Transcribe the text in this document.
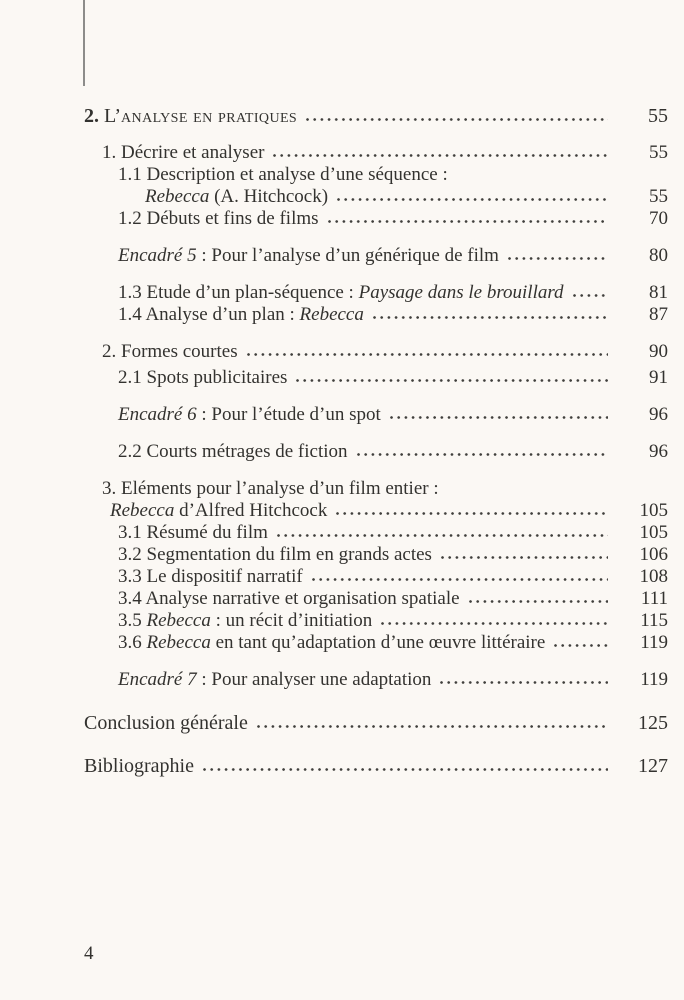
2. L’analyse en pratiques	55
1. Décrire et analyser	55
1.1 Description et analyse d’une séquence :
Rebecca (A. Hitchcock)	55
1.2 Débuts et fins de films	70
Encadré 5 : Pour l’analyse d’un générique de film	80
1.3 Etude d’un plan-séquence : Paysage dans le brouillard	81
1.4 Analyse d’un plan : Rebecca	87
2. Formes courtes	90
2.1 Spots publicitaires	91
Encadré 6 : Pour l’étude d’un spot	96
2.2 Courts métrages de fiction	96
3. Eléments pour l’analyse d’un film entier :
Rebecca d’Alfred Hitchcock	105
3.1 Résumé du film	105
3.2 Segmentation du film en grands actes	106
3.3 Le dispositif narratif	108
3.4 Analyse narrative et organisation spatiale	111
3.5 Rebecca : un récit d’initiation	115
3.6 Rebecca en tant qu’adaptation d’une œuvre littéraire	119
Encadré 7 : Pour analyser une adaptation	119
Conclusion générale	125
Bibliographie	127
4
